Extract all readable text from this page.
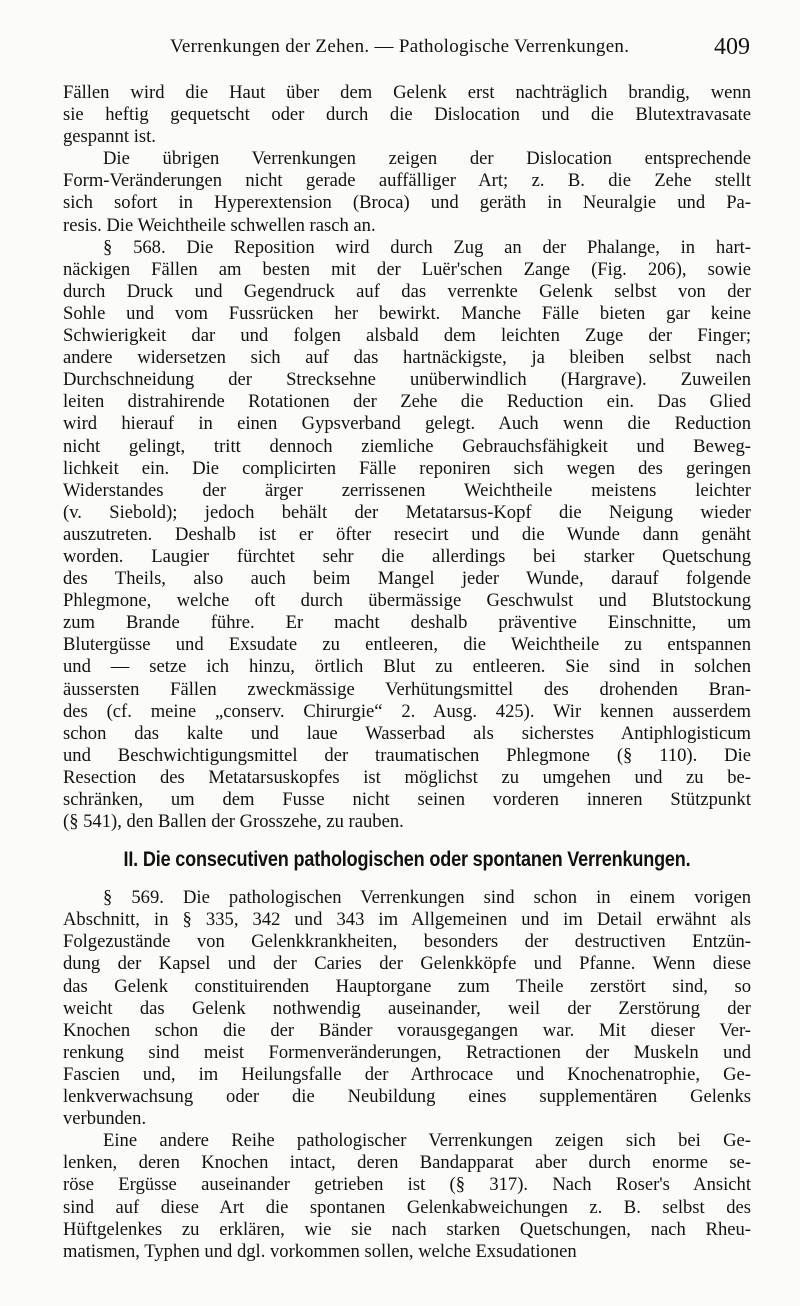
Verrenkungen der Zehen. — Pathologische Verrenkungen.	409
Fällen wird die Haut über dem Gelenk erst nachträglich brandig, wenn
sie heftig gequetscht oder durch die Dislocation und die Blutextravasate
gespannt ist.
Die übrigen Verrenkungen zeigen der Dislocation entsprechende
Form-Veränderungen nicht gerade auffälliger Art; z. B. die Zehe stellt
sich sofort in Hyperextension (Broca) und geräth in Neuralgie und Pa-
resis. Die Weichtheile schwellen rasch an.
§ 568. Die Reposition wird durch Zug an der Phalange, in hart-
näckigen Fällen am besten mit der Luër'schen Zange (Fig. 206), sowie
durch Druck und Gegendruck auf das verrenkte Gelenk selbst von der
Sohle und vom Fussrücken her bewirkt. Manche Fälle bieten gar keine
Schwierigkeit dar und folgen alsbald dem leichten Zuge der Finger;
andere widersetzen sich auf das hartnäckigste, ja bleiben selbst nach
Durchschneidung der Strecksehne unüberwindlich (Hargrave). Zuweilen
leiten distrahirende Rotationen der Zehe die Reduction ein. Das Glied
wird hierauf in einen Gypsverband gelegt. Auch wenn die Reduction
nicht gelingt, tritt dennoch ziemliche Gebrauchsfähigkeit und Beweg-
lichkeit ein. Die complicirten Fälle reponiren sich wegen des geringen
Widerstandes der ärger zerrissenen Weichtheile meistens leichter
(v. Siebold); jedoch behält der Metatarsus-Kopf die Neigung wieder
auszutreten. Deshalb ist er öfter resecirt und die Wunde dann genäht
worden. Laugier fürchtet sehr die allerdings bei starker Quetschung
des Theils, also auch beim Mangel jeder Wunde, darauf folgende
Phlegmone, welche oft durch übermässige Geschwulst und Blutstockung
zum Brande führe. Er macht deshalb präventive Einschnitte, um
Blutergüsse und Exsudate zu entleeren, die Weichtheile zu entspannen
und — setze ich hinzu, örtlich Blut zu entleeren. Sie sind in solchen
äussersten Fällen zweckmässige Verhütungsmittel des drohenden Bran-
des (cf. meine „conserv. Chirurgie“ 2. Ausg. 425). Wir kennen ausserdem
schon das kalte und laue Wasserbad als sicherstes Antiphlogisticum
und Beschwichtigungsmittel der traumatischen Phlegmone (§ 110). Die
Resection des Metatarsuskopfes ist möglichst zu umgehen und zu be-
schränken, um dem Fusse nicht seinen vorderen inneren Stützpunkt
(§ 541), den Ballen der Grosszehe, zu rauben.
II. Die consecutiven pathologischen oder spontanen Verrenkungen.
§ 569. Die pathologischen Verrenkungen sind schon in einem vorigen
Abschnitt, in § 335, 342 und 343 im Allgemeinen und im Detail erwähnt als
Folgezustände von Gelenkkrankheiten, besonders der destructiven Entzün-
dung der Kapsel und der Caries der Gelenkköpfe und Pfanne. Wenn diese
das Gelenk constituirenden Hauptorgane zum Theile zerstört sind, so
weicht das Gelenk nothwendig auseinander, weil der Zerstörung der
Knochen schon die der Bänder vorausgegangen war. Mit dieser Ver-
renkung sind meist Formenveränderungen, Retractionen der Muskeln und
Fascien und, im Heilungsfalle der Arthrocace und Knochenatrophie, Ge-
lenkverwachsung oder die Neubildung eines supplementären Gelenks
verbunden.
Eine andere Reihe pathologischer Verrenkungen zeigen sich bei Ge-
lenken, deren Knochen intact, deren Bandapparat aber durch enorme se-
röse Ergüsse auseinander getrieben ist (§ 317). Nach Roser's Ansicht
sind auf diese Art die spontanen Gelenkabweichungen z. B. selbst des
Hüftgelenkes zu erklären, wie sie nach starken Quetschungen, nach Rheu-
matismen, Typhen und dgl. vorkommen sollen, welche Exsudationen
